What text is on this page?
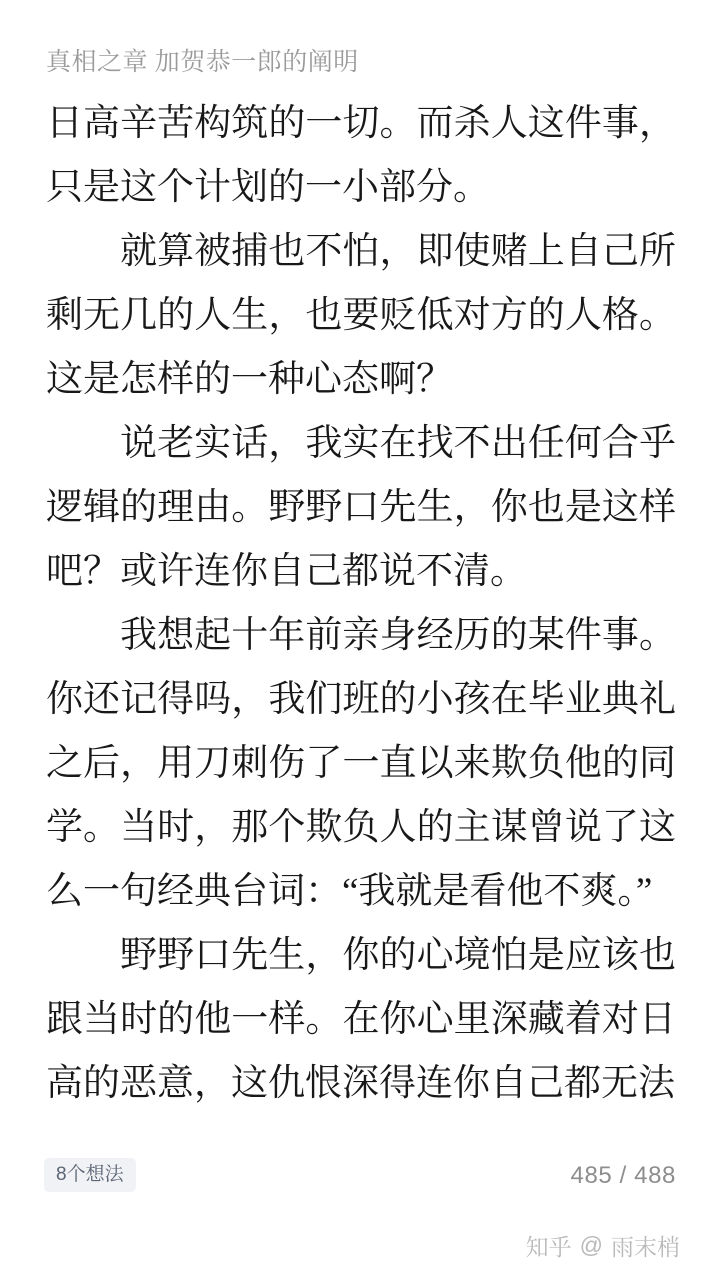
真相之章 加贺恭一郎的阐明

日高辛苦构筑的一切。而杀人这件事，只是这个计划的一小部分。

就算被捕也不怕，即使赌上自己所剩无几的人生，也要贬低对方的人格。这是怎样的一种心态啊？

说老实话，我实在找不出任何合乎逻辑的理由。野野口先生，你也是这样吧？或许连你自己都说不清。

我想起十年前亲身经历的某件事。你还记得吗，我们班的小孩在毕业典礼之后，用刀刺伤了一直以来欺负他的同学。当时，那个欺负人的主谋曾说了这么一句经典台词：“我就是看他不爽。”

野野口先生，你的心境怕是应该也跟当时的他一样。在你心里深藏着对日高的恶意，这仇恨深得连你自己都无法

8个想法	485 / 488
知乎 @ 雨末梢
